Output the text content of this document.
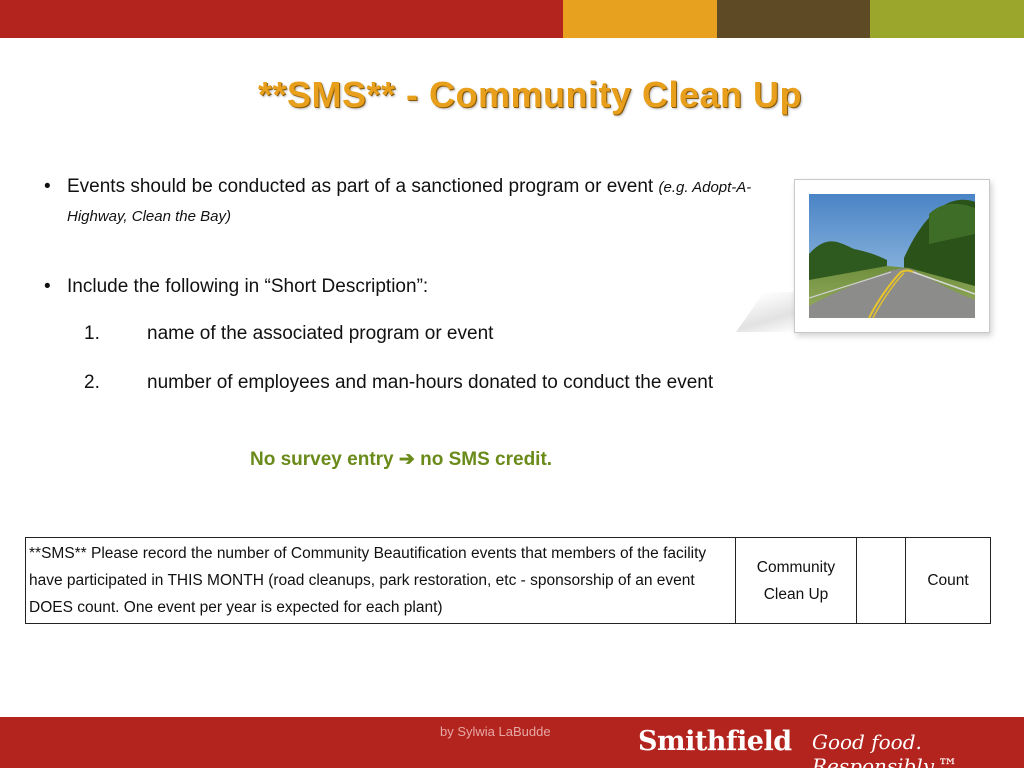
**SMS** - Community Clean Up
• Events should be conducted as part of a sanctioned program or event (e.g. Adopt-A-Highway, Clean the Bay)
• Include the following in “Short Description”:
1. name of the associated program or event
2. number of employees and man-hours donated to conduct the event
No survey entry ➔ no SMS credit.
**SMS** Please record the number of Community Beautification events that members of the facility have participated in THIS MONTH (road cleanups, park restoration, etc - sponsorship of an event DOES count. One event per year is expected for each plant)	Community Clean Up		Count
by Sylwia LaBudde	Smithfield Good food. Responsibly.™
